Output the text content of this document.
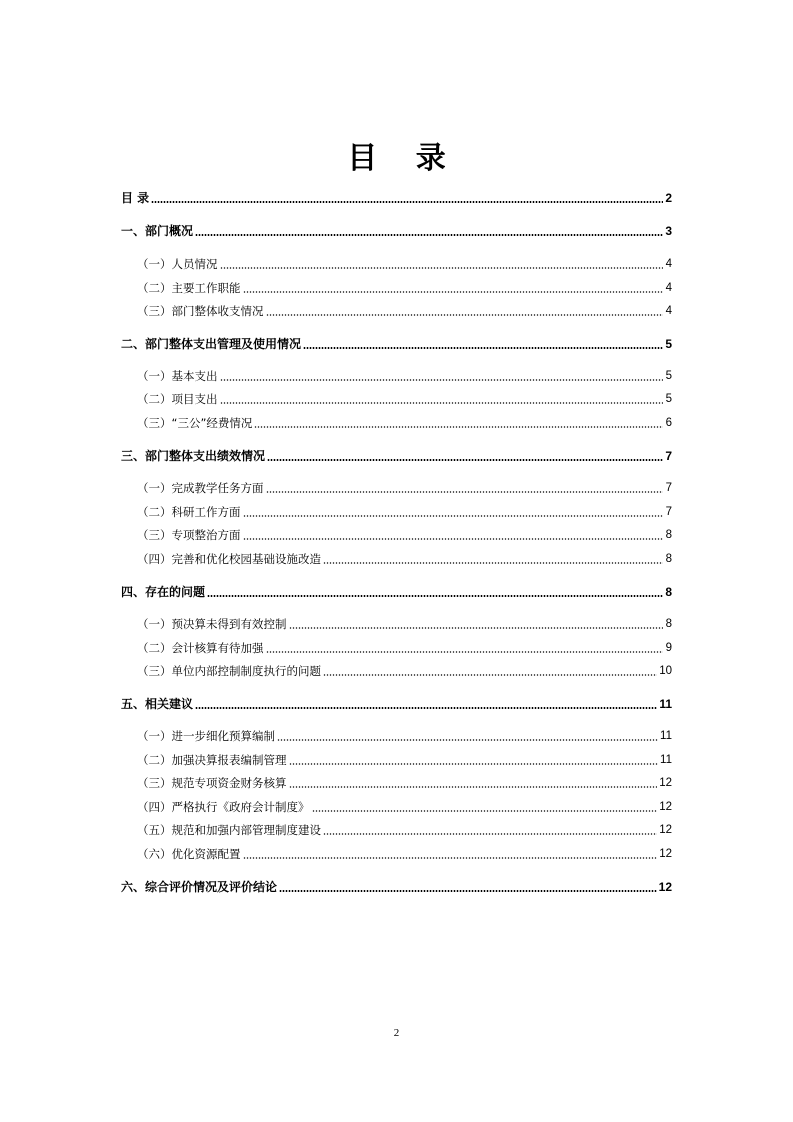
目 录
目 录	2
一、部门概况	3
（一）人员情况	4
（二）主要工作职能	4
（三）部门整体收支情况	4
二、部门整体支出管理及使用情况	5
（一）基本支出	5
（二）项目支出	5
（三）“三公”经费情况	6
三、部门整体支出绩效情况	7
（一）完成教学任务方面	7
（二）科研工作方面	7
（三）专项整治方面	8
（四）完善和优化校园基础设施改造	8
四、存在的问题	8
（一）预决算未得到有效控制	8
（二）会计核算有待加强	9
（三）单位内部控制制度执行的问题	10
五、相关建议	11
（一）进一步细化预算编制	11
（二）加强决算报表编制管理	11
（三）规范专项资金财务核算	12
（四）严格执行《政府会计制度》	12
（五）规范和加强内部管理制度建设	12
（六）优化资源配置	12
六、综合评价情况及评价结论	12
2
